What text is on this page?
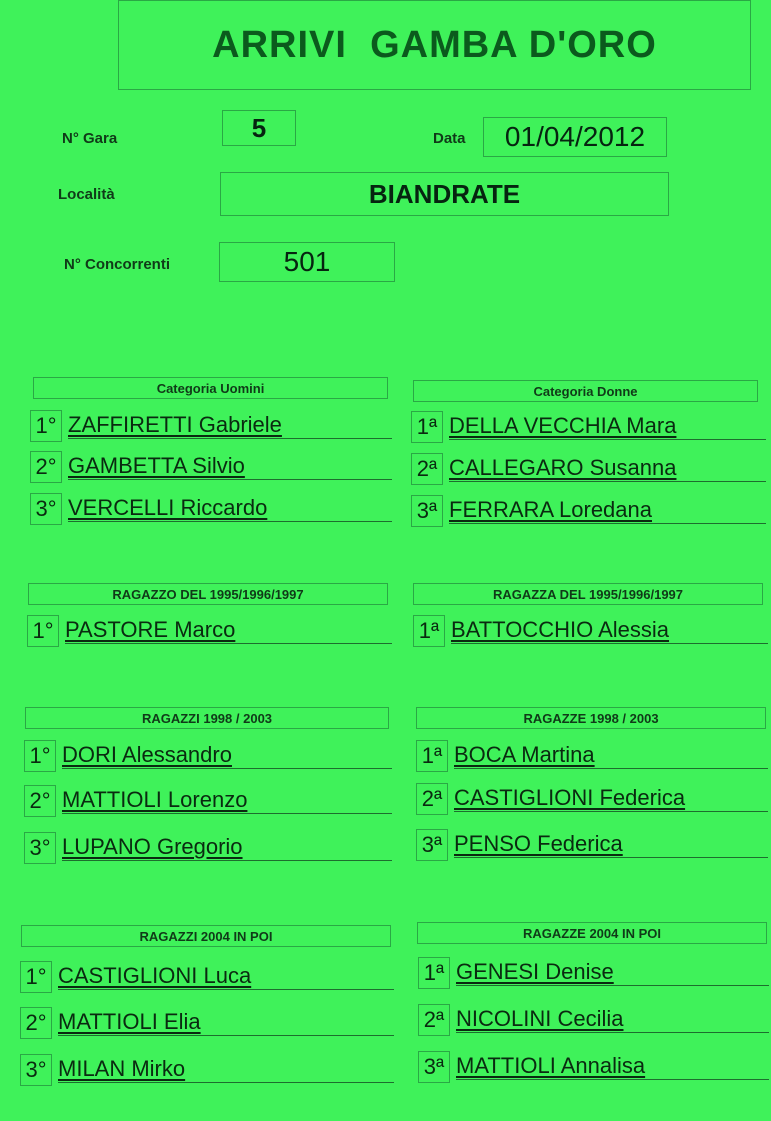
ARRIVI  GAMBA D'ORO
N° Gara	5	Data	01/04/2012
Località	BIANDRATE
N° Concorrenti	501
Categoria Uomini
1° ZAFFIRETTI Gabriele
2° GAMBETTA Silvio
3° VERCELLI Riccardo
Categoria Donne
1ª DELLA VECCHIA Mara
2ª CALLEGARO Susanna
3ª FERRARA Loredana
RAGAZZO DEL 1995/1996/1997
1° PASTORE Marco
RAGAZZA DEL 1995/1996/1997
1ª BATTOCCHIO Alessia
RAGAZZI 1998 / 2003
1° DORI Alessandro
2° MATTIOLI Lorenzo
3° LUPANO Gregorio
RAGAZZE 1998 / 2003
1ª BOCA Martina
2ª CASTIGLIONI Federica
3ª PENSO Federica
RAGAZZI 2004 IN POI
1° CASTIGLIONI Luca
2° MATTIOLI Elia
3° MILAN Mirko
RAGAZZE 2004 IN POI
1ª GENESI Denise
2ª NICOLINI Cecilia
3ª MATTIOLI Annalisa
